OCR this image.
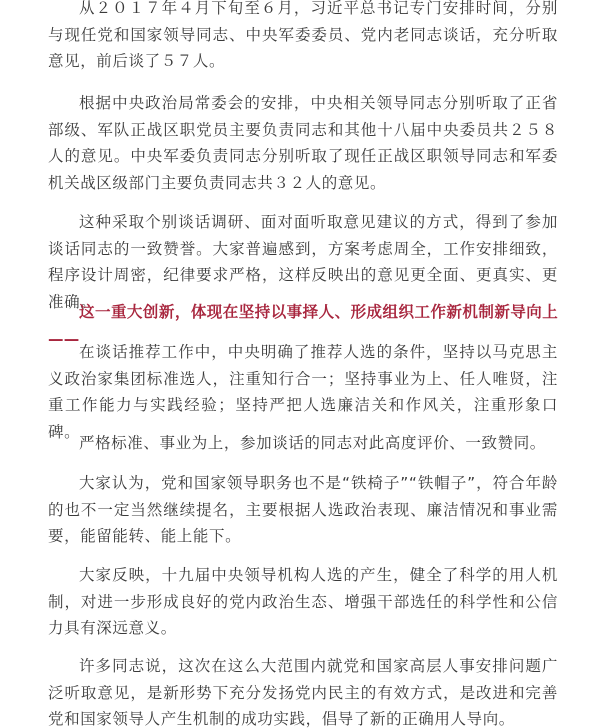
从２０１７年４月下旬至６月，习近平总书记专门安排时间，分别与现任党和国家领导同志、中央军委委员、党内老同志谈话，充分听取意见，前后谈了５７人。

根据中央政治局常委会的安排，中央相关领导同志分别听取了正省部级、军队正战区职党员主要负责同志和其他十八届中央委员共２５８人的意见。中央军委负责同志分别听取了现任正战区职领导同志和军委机关战区级部门主要负责同志共３２人的意见。

这种采取个别谈话调研、面对面听取意见建议的方式，得到了参加谈话同志的一致赞誉。大家普遍感到，方案考虑周全，工作安排细致，程序设计周密，纪律要求严格，这样反映出的意见更全面、更真实、更准确。

这一重大创新，体现在坚持以事择人、形成组织工作新机制新导向上——

在谈话推荐工作中，中央明确了推荐人选的条件，坚持以马克思主义政治家集团标准选人，注重知行合一；坚持事业为上、任人唯贤，注重工作能力与实践经验；坚持严把人选廉洁关和作风关，注重形象口碑。

严格标准、事业为上，参加谈话的同志对此高度评价、一致赞同。

大家认为，党和国家领导职务也不是“铁椅子”“铁帽子”，符合年龄的也不一定当然继续提名，主要根据人选政治表现、廉洁情况和事业需要，能留能转、能上能下。

大家反映，十九届中央领导机构人选的产生，健全了科学的用人机制，对进一步形成良好的党内政治生态、增强干部选任的科学性和公信力具有深远意义。

许多同志说，这次在这么大范围内就党和国家高层人事安排问题广泛听取意见，是新形势下充分发扬党内民主的有效方式，是改进和完善党和国家领导人产生机制的成功实践，倡导了新的正确用人导向。
